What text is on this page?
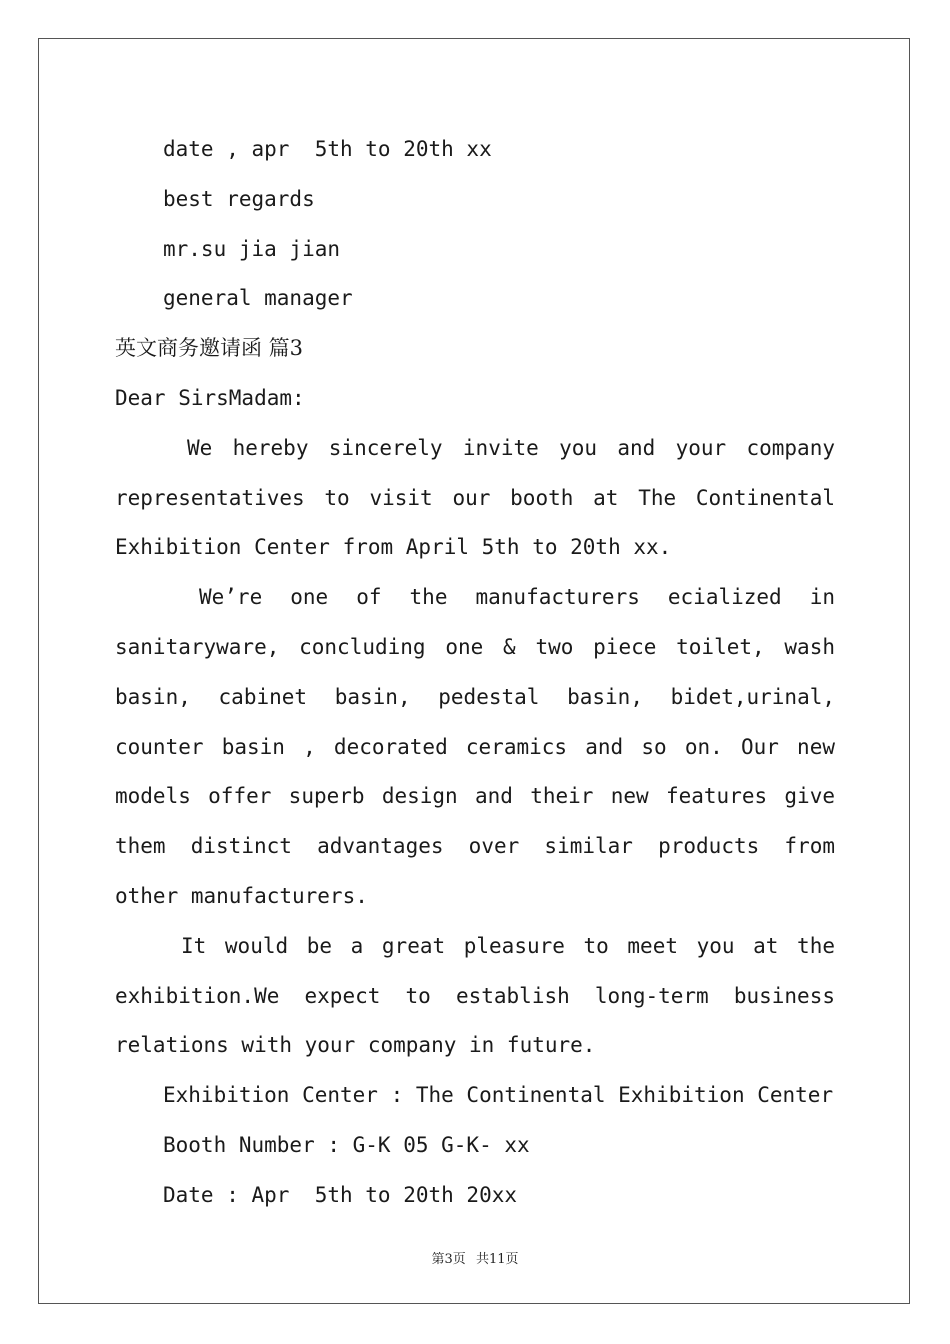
date , apr  5th to 20th xx
best regards
mr.su jia jian
general manager
英文商务邀请函 篇3
Dear SirsMadam:
We hereby sincerely invite you and your company representatives to visit our booth at The Continental Exhibition Center from April 5th to 20th xx.
We’re one of the manufacturers ecialized in sanitaryware, concluding one & two piece toilet, wash basin, cabinet basin, pedestal basin, bidet,urinal, counter basin , decorated ceramics and so on. Our new models offer superb design and their new features give them distinct advantages over similar products from other manufacturers.
It would be a great pleasure to meet you at the exhibition.We expect to establish long-term business relations with your company in future.
Exhibition Center : The Continental Exhibition Center
Booth Number : G-K 05 G-K- xx
Date : Apr  5th to 20th 20xx
第3页 共11页
